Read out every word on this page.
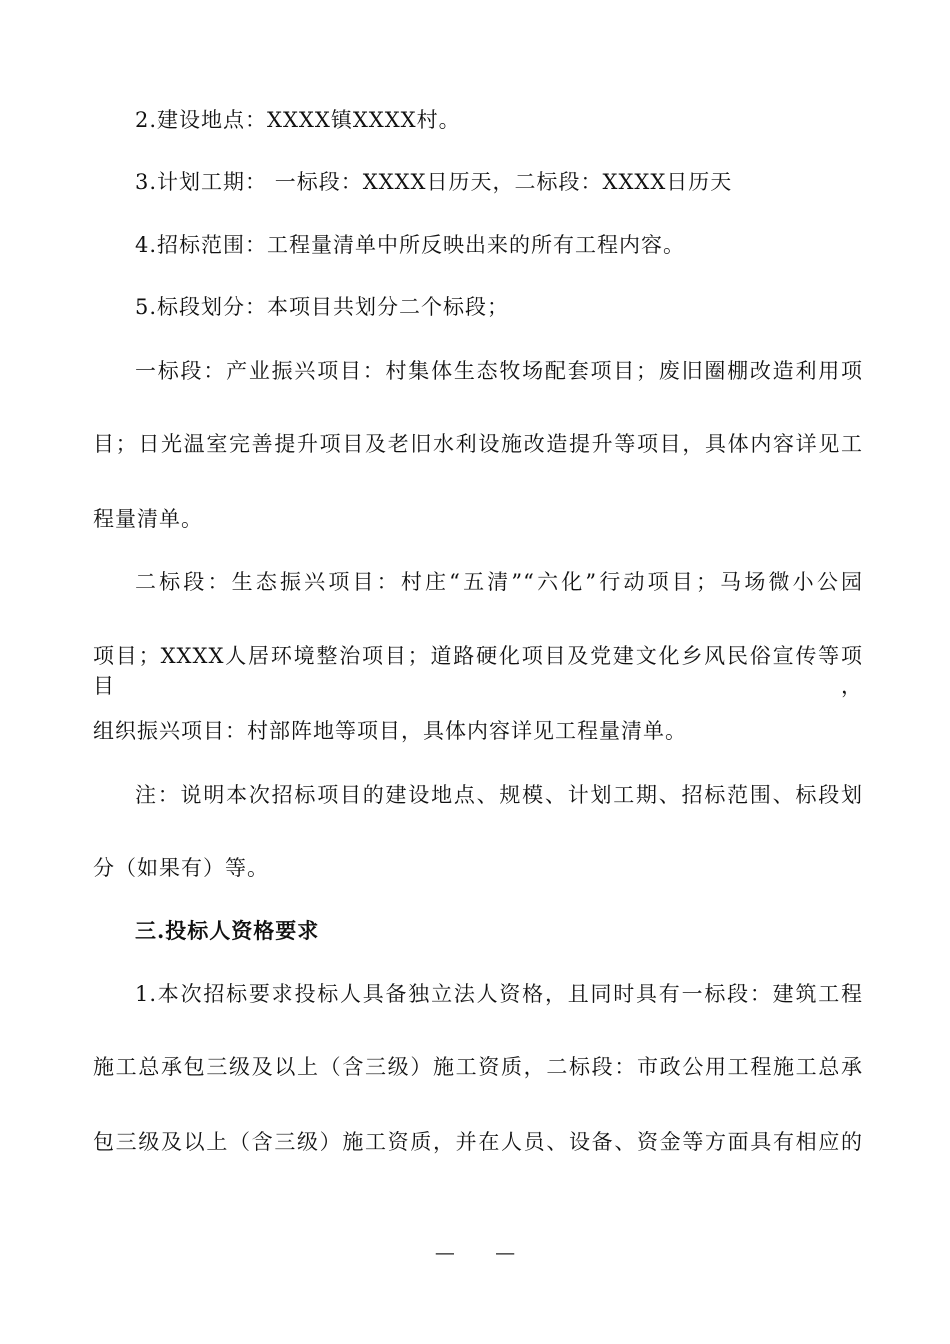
2.建设地点：XXXX镇XXXX村。
3.计划工期： 一标段：XXXX日历天，二标段：XXXX日历天
4.招标范围：工程量清单中所反映出来的所有工程内容。
5.标段划分：本项目共划分二个标段；
一标段：产业振兴项目：村集体生态牧场配套项目；废旧圈棚改造利用项
目；日光温室完善提升项目及老旧水利设施改造提升等项目，具体内容详见工
程量清单。
二标段：生态振兴项目：村庄“五清”“六化”行动项目；马场微小公园
项目；XXXX人居环境整治项目；道路硬化项目及党建文化乡风民俗宣传等项目，
组织振兴项目：村部阵地等项目，具体内容详见工程量清单。
注：说明本次招标项目的建设地点、规模、计划工期、招标范围、标段划
分（如果有）等。
三.投标人资格要求
1.本次招标要求投标人具备独立法人资格，且同时具有一标段：建筑工程
施工总承包三级及以上（含三级）施工资质，二标段：市政公用工程施工总承
包三级及以上（含三级）施工资质，并在人员、设备、资金等方面具有相应的
— —
